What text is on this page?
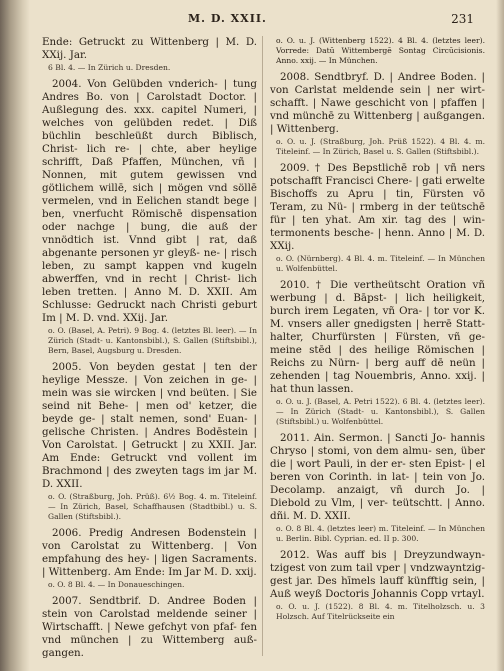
M. D. XXII.	231
Ende: Getruckt zu Wittenberg | M. D. XXij. Jar.
6 Bl. 4. — In Zürich u. Dresden.
2004. Von Gelübden vnderich- | tung Andres Bo. von | Carolstadt Doctor. | Außlegung des. xxx. capitel Numeri, | welches von gelübden redet. | Diß büchlin beschleüßt durch Biblisch, Christ- lich re- | chte, aber heylige schrifft, Daß Pfaffen, München, vñ | Nonnen, mit gutem gewissen vnd götlichem willē, sich | mögen vnd söllē vermelen, vnd in Eelichen standt bege | ben, vnerfucht Römischē dispensation oder nachge | bung, die auß der vnnödtich ist. Vnnd gibt | rat, daß abgenante personen yr gleyß- ne- | risch leben, zu sampt kappen vnd kugeln abwerffen, vnd in recht | Christ- lich leben tretten. | Anno M. D. XXII. Am Schlusse: Gedruckt nach Christi geburt Im | M. D. vnd. XXij. Jar.
o. O. (Basel, A. Petri). 9 Bog. 4. (letztes Bl. leer). — In Zürich (Stadt- u. Kantonsbibl.), S. Gallen (Stiftsbibl.), Bern, Basel, Augsburg u. Dresden.
2005. Von beyden gestat | ten der heylige Messze. | Von zeichen in ge- | mein was sie wircken | vnd beüten. | Sie seind nit Behe- | men od' ketzer, die beyde ge- | stalt nemen, sond' Euan- | gelische Christen. | Andres Bodēstein | Von Carolstat. | Getruckt | zu XXII. Jar. Am Ende: Getruckt vnd vollent im Brachmond | des zweyten tags im jar M. D. XXII.
o. O. (Straßburg, Joh. Prüß). 6½ Bog. 4. m. Titeleinf. — In Zürich, Basel, Schaffhausen (Stadtbibl.) u. S. Gallen (Stiftsbibl.).
2006. Predig Andresen Bodenstein | von Carolstat zu Wittenberg. | Von empfahung des hey- | ligen Sacraments. | Wittenberg. Am Ende: Im Jar M. D. xxij.
o. O. 8 Bl. 4. — In Donaueschingen.
2007. Sendtbrif. D. Andree Boden | stein von Carolstad meldende seiner | Wirtschafft. | Newe gefchyt von pfaf- fen vnd münchen | zu Wittemberg auß- gangen.
o. O. u. J. (Wittenberg 1522). 4 Bl. 4. (letztes leer). Vorrede: Datū Wittembergē Sontag Circūcisionis. Anno. xxij. — In München.
2008. Sendtbryf. D. | Andree Boden. | von Carlstat meldende sein | ner wirt- schafft. | Nawe geschicht von | pfaffen | vnd münchē zu Wittenberg | außgangen. | Wittenberg.
o. O. u. J. (Straßburg, Joh. Prüß 1522). 4 Bl. 4. m. Titeleinf. — In Zürich, Basel u. S. Gallen (Stiftsbibl.).
2009. † Des Bepstlichē rob | vñ ners potschafft Francisci Chere- | gati erwelte Bischoffs zu Apru | tin, Fürsten vō Teram, zu Nü- | rmberg in der teütschē für | ten yhat. Am xir. tag des | win- termonents besche- | henn. Anno | M. D. XXij.
o. O. (Nürnberg). 4 Bl. 4. m. Titeleinf. — In München u. Wolfenbüttel.
2010. † Die vertheütscht Oration vñ werbung | d. Bāpst- | lich heiligkeit, burch irem Legaten, vñ Ora- | tor vor K. M. vnsers aller gnedigsten | herrē Statt- halter, Churfürsten | Fürsten, vñ ge- meine stēd | des heilige Römischen | Reichs zu Nürn- | berg auff dē neün | zehenden | tag Nouembris, Anno. xxij. | hat thun lassen.
o. O. u. J. (Basel, A. Petri 1522). 6 Bl. 4. (letztes leer). — In Zürich (Stadt- u. Kantonsbibl.), S. Gallen (Stiftsbibl.) u. Wolfenbüttel.
2011. Ain. Sermon. | Sancti Jo- hannis Chryso | stomi, von dem almu- sen, über die | wort Pauli, in der er- sten Epist- | el beren von Corinth. in lat- | tein von Jo. Decolamp. anzaigt, vñ durch Jo. | Diebold zu Vlm, | ver- teütschtt. | Anno. dñi. M. D. XXII.
o. O. 8 Bl. 4. (letztes leer) m. Titeleinf. — In München u. Berlin. Bibl. Cyprian. ed. II p. 300.
2012. Was auff bis | Dreyzundwayn- tzigest von zum tail vper | vndzwayntzig- gest jar. Des hīmels lauff künfftig sein, | Auß weyß Doctoris Johannis Copp vrtayl.
o. O. u. J. (1522). 8 Bl. 4. m. Titelholzsch. u. 3 Holzsch. Auf Titelrückseite ein
